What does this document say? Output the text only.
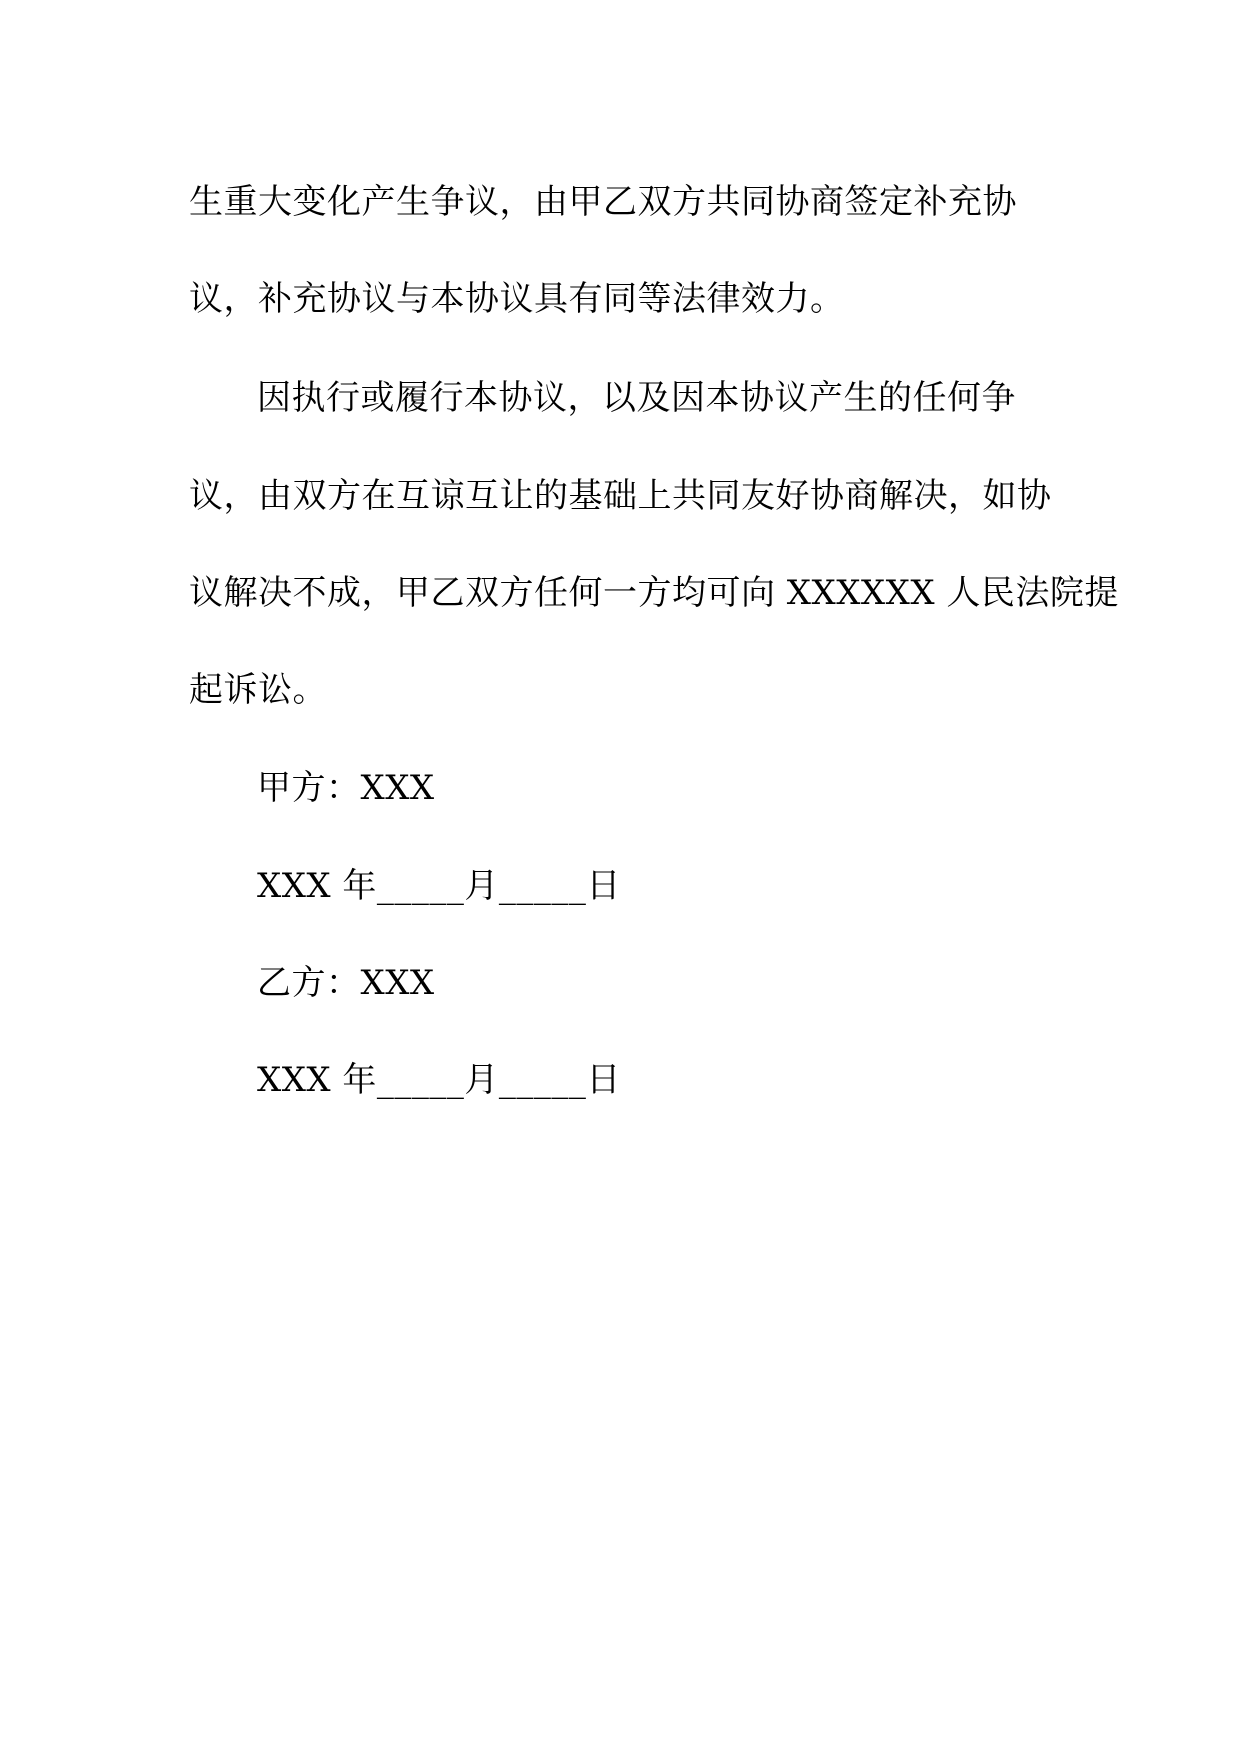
生重大变化产生争议，由甲乙双方共同协商签定补充协
议，补充协议与本协议具有同等法律效力。
因执行或履行本协议，以及因本协议产生的任何争
议，由双方在互谅互让的基础上共同友好协商解决，如协
议解决不成，甲乙双方任何一方均可向 XXXXXX 人民法院提
起诉讼。
甲方：XXX
XXX 年_____月_____日
乙方：XXX
XXX 年_____月_____日
